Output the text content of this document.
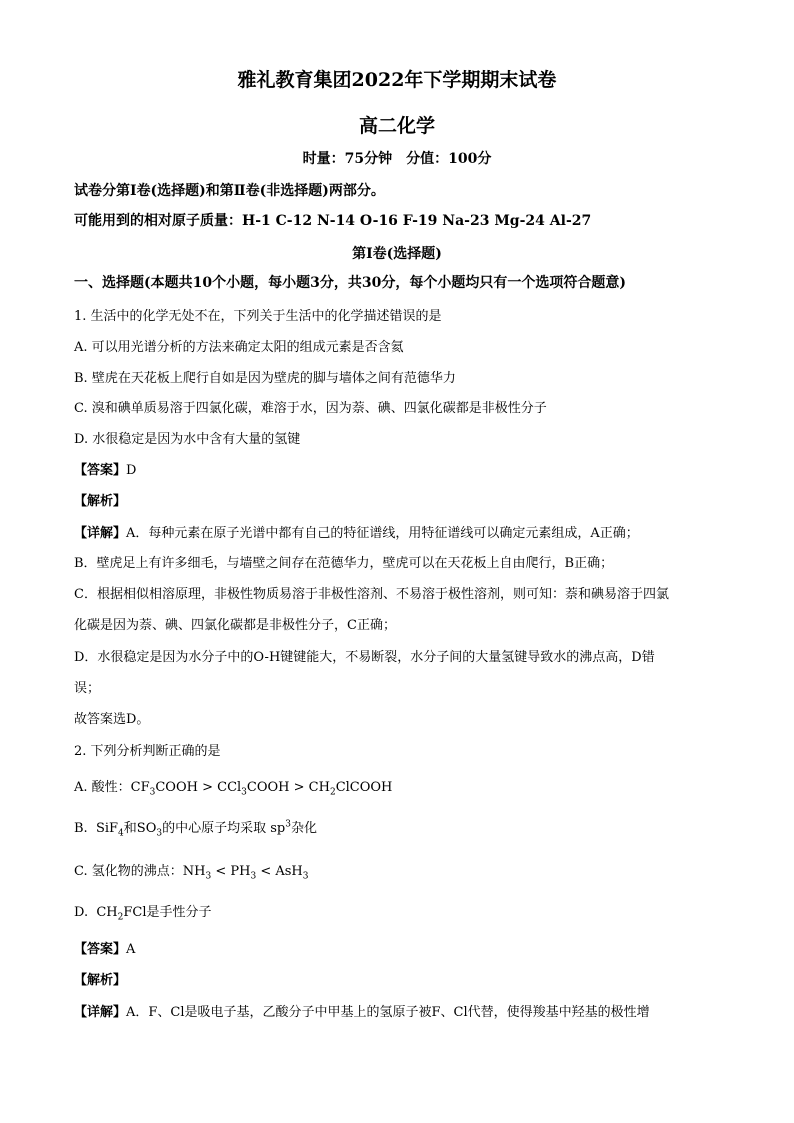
雅礼教育集团2022年下学期期末试卷
高二化学
时量：75分钟　分值：100分
试卷分第Ⅰ卷(选择题)和第Ⅱ卷(非选择题)两部分。
可能用到的相对原子质量：H-1 C-12 N-14 O-16 F-19 Na-23 Mg-24 Al-27
第Ⅰ卷(选择题)
一、选择题(本题共10个小题，每小题3分，共30分，每个小题均只有一个选项符合题意)
1. 生活中的化学无处不在，下列关于生活中的化学描述错误的是
A. 可以用光谱分析的方法来确定太阳的组成元素是否含氦
B. 壁虎在天花板上爬行自如是因为壁虎的脚与墙体之间有范德华力
C. 溴和碘单质易溶于四氯化碳，难溶于水，因为萘、碘、四氯化碳都是非极性分子
D. 水很稳定是因为水中含有大量的氢键
【答案】D
【解析】
【详解】A．每种元素在原子光谱中都有自己的特征谱线，用特征谱线可以确定元素组成，A正确；
B．壁虎足上有许多细毛，与墙壁之间存在范德华力，壁虎可以在天花板上自由爬行，B正确；
C．根据相似相溶原理，非极性物质易溶于非极性溶剂、不易溶于极性溶剂，则可知：萘和碘易溶于四氯
化碳是因为萘、碘、四氯化碳都是非极性分子，C正确；
D．水很稳定是因为水分子中的O-H键键能大，不易断裂，水分子间的大量氢键导致水的沸点高，D错
误；
故答案选D。
2. 下列分析判断正确的是
A. 酸性：$CF_3COOH$ > CCl$_3$COOH > $CH_2ClCOOH$
B. SiF$_4$和$SO_3$的中心原子均采取 $sp^3$杂化
C. 氢化物的沸点：$NH_3 < PH_3 < AsH_3$
D. $CH_2FCl$是手性分子
【答案】A
【解析】
【详解】A．F、Cl是吸电子基，乙酸分子中甲基上的氢原子被F、Cl代替，使得羧基中羟基的极性增
